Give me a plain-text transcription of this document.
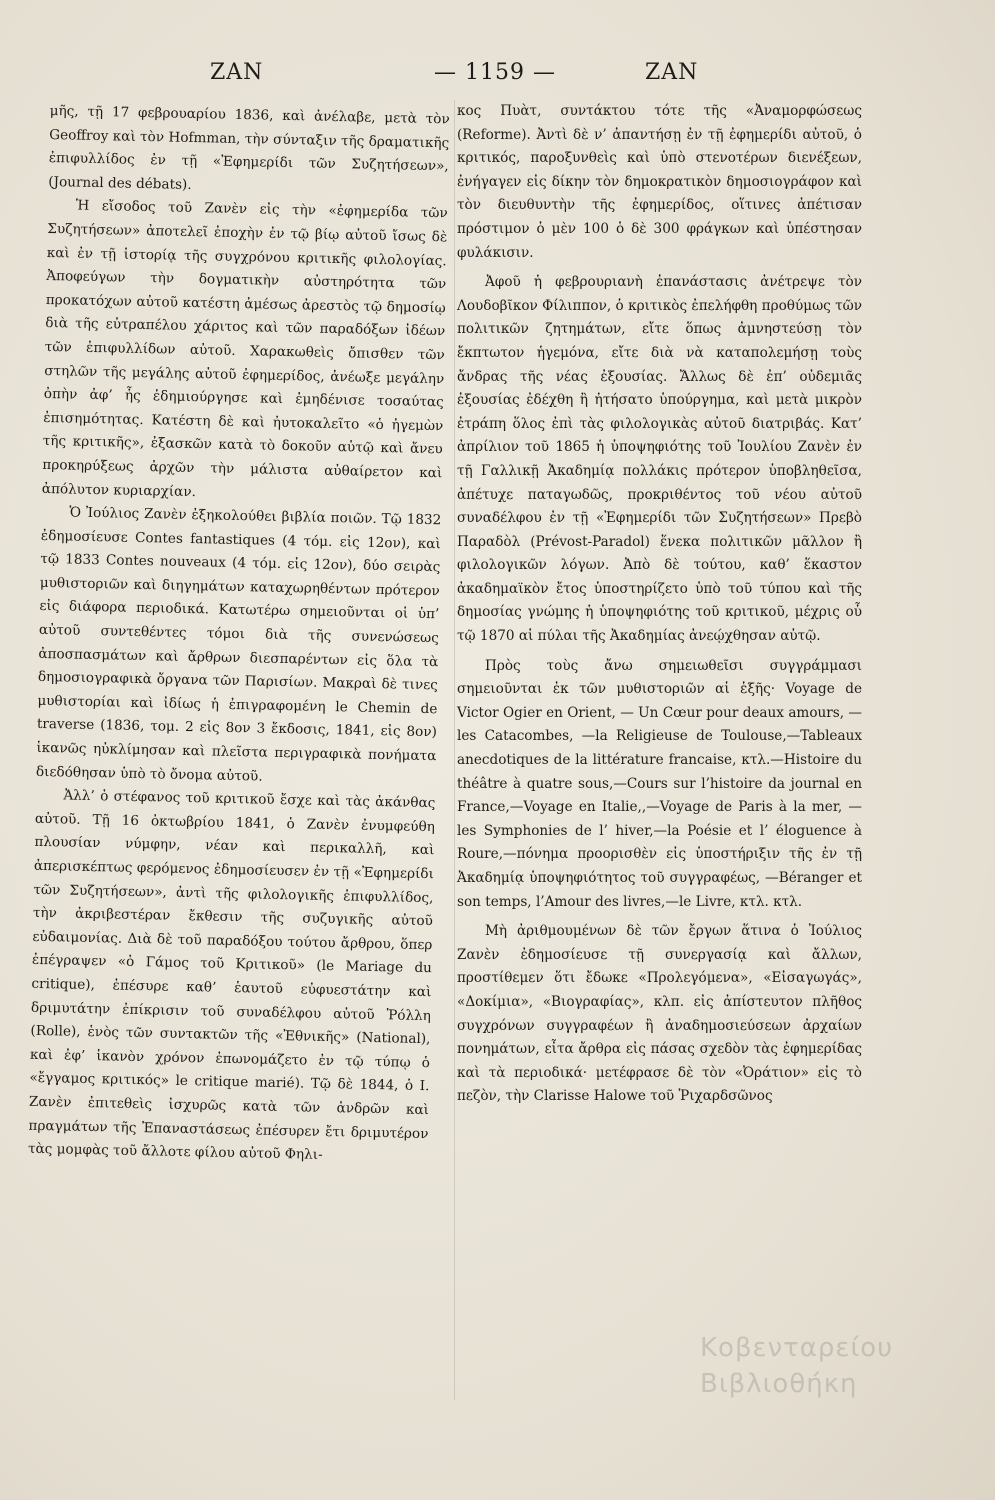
ZAN	— 1159 —	ZAN

μῆς, τῇ 17 φεβρουαρίου 1836, καὶ ἀνέλαβε, μετὰ τὸν Geoffroy καὶ τὸν Hofmman, τὴν σύνταξιν τῆς δραματικῆς ἐπιφυλλίδος ἐν τῇ «Ἐφημερίδι τῶν Συζητήσεων», (Journal des débats).

Ἡ εἴσοδος τοῦ Ζανὲν εἰς τὴν «ἐφημερίδα τῶν Συζητήσεων» ἀποτελεῖ ἐποχὴν ἐν τῷ βίῳ αὐτοῦ ἴσως δὲ καὶ ἐν τῇ ἱστορίᾳ τῆς συγχρόνου κριτικῆς φιλολογίας. Ἀποφεύγων τὴν δογματικὴν αὐστηρότητα τῶν προκατόχων αὐτοῦ κατέστη ἀμέσως ἀρεστὸς τῷ δημοσίῳ διὰ τῆς εὐτραπέλου χάριτος καὶ τῶν παραδόξων ἰδέων τῶν ἐπιφυλλίδων αὐτοῦ. Χαρακωθεὶς ὄπισθεν τῶν στηλῶν τῆς μεγάλης αὐτοῦ ἐφημερίδος, ἀνέωξε μεγάλην ὀπὴν ἀφ’ ἧς ἐδημιούργησε καὶ ἐμηδένισε τοσαύτας ἐπισημότητας. Κατέστη δὲ καὶ ἠυτοκαλεῖτο «ὁ ἡγεμὼν τῆς κριτικῆς», ἐξασκῶν κατὰ τὸ δοκοῦν αὐτῷ καὶ ἄνευ προκηρύξεως ἀρχῶν τὴν μάλιστα αὐθαίρετον καὶ ἀπόλυτον κυριαρχίαν.

Ὁ Ἰούλιος Ζανὲν ἐξηκολούθει βιβλία ποιῶν. Τῷ 1832 ἐδημοσίευσε Contes fantastiques (4 τόμ. εἰς 12ον), καὶ τῷ 1833 Contes nouveaux (4 τόμ. εἰς 12ον), δύο σειρὰς μυθιστοριῶν καὶ διηγημάτων καταχωρηθέντων πρότερον εἰς διάφορα περιοδικά. Κατωτέρω σημειοῦνται οἱ ὑπ’ αὐτοῦ συντεθέντες τόμοι διὰ τῆς συνενώσεως ἀποσπασμάτων καὶ ἄρθρων διεσπαρέντων εἰς ὅλα τὰ δημοσιογραφικὰ ὄργανα τῶν Παρισίων. Μακραὶ δὲ τινες μυθιστορίαι καὶ ἰδίως ἡ ἐπιγραφομένη le Chemin de traverse (1836, τομ. 2 εἰς 8ον 3 ἔκδοσις, 1841, εἰς 8ον) ἱκανῶς ηὐκλίμησαν καὶ πλεῖστα περιγραφικὰ πονήματα διεδόθησαν ὑπὸ τὸ ὄνομα αὐτοῦ.

Ἀλλ’ ὁ στέφανος τοῦ κριτικοῦ ἔσχε καὶ τὰς ἀκάνθας αὐτοῦ. Τῇ 16 ὀκτωβρίου 1841, ὁ Ζανὲν ἐνυμφεύθη πλουσίαν νύμφην, νέαν καὶ περικαλλῆ, καὶ ἀπερισκέπτως φερόμενος ἐδημοσίευσεν ἐν τῇ «Ἐφημερίδι τῶν Συζητήσεων», ἀντὶ τῆς φιλολογικῆς ἐπιφυλλίδος, τὴν ἀκριβεστέραν ἔκθεσιν τῆς συζυγικῆς αὐτοῦ εὐδαιμονίας. Διὰ δὲ τοῦ παραδόξου τούτου ἄρθρου, ὅπερ ἐπέγραψεν «ὁ Γάμος τοῦ Κριτικοῦ» (le Mariage du critique), ἐπέσυρε καθ’ ἑαυτοῦ εὐφυεστάτην καὶ δριμυτάτην ἐπίκρισιν τοῦ συναδέλφου αὐτοῦ Ῥόλλη (Rolle), ἑνὸς τῶν συντακτῶν τῆς «Ἐθνικῆς» (National), καὶ ἐφ’ ἱκανὸν χρόνον ἐπωνομάζετο ἐν τῷ τύπῳ ὁ «ἔγγαμος κριτικός» le critique marié). Τῷ δὲ 1844, ὁ Ι. Ζανὲν ἐπιτεθεὶς ἰσχυρῶς κατὰ τῶν ἀνδρῶν καὶ πραγμάτων τῆς Ἐπαναστάσεως ἐπέσυρεν ἔτι δριμυτέρον τὰς μομφὰς τοῦ ἄλλοτε φίλου αὐτοῦ Φηλι-

κος Πυὰτ, συντάκτου τότε τῆς «Ἀναμορφώσεως (Reforme). Ἀντὶ δὲ ν’ ἀπαντήσῃ ἐν τῇ ἐφημερίδι αὐτοῦ, ὁ κριτικός, παροξυνθεὶς καὶ ὑπὸ στενοτέρων διενέξεων, ἐνήγαγεν εἰς δίκην τὸν δημοκρατικὸν δημοσιογράφον καὶ τὸν διευθυντὴν τῆς ἐφημερίδος, οἵτινες ἀπέτισαν πρόστιμον ὁ μὲν 100 ὁ δὲ 300 φράγκων καὶ ὑπέστησαν φυλάκισιν.

Ἀφοῦ ἡ φεβρουριανὴ ἐπανάστασις ἀνέτρεψε τὸν Λουδοβῖκον Φίλιππον, ὁ κριτικὸς ἐπελήφθη προθύμως τῶν πολιτικῶν ζητημάτων, εἴτε ὅπως ἀμνηστεύσῃ τὸν ἔκπτωτον ἡγεμόνα, εἴτε διὰ νὰ καταπολεμήσῃ τοὺς ἄνδρας τῆς νέας ἐξουσίας. Ἄλλως δὲ ἐπ’ οὐδεμιᾶς ἐξουσίας ἐδέχθη ἢ ἠτήσατο ὑπούργημα, καὶ μετὰ μικρὸν ἐτράπη ὅλος ἐπὶ τὰς φιλολογικὰς αὐτοῦ διατριβάς. Κατ’ ἀπρίλιον τοῦ 1865 ἡ ὑποψηφιότης τοῦ Ἰουλίου Ζανὲν ἐν τῇ Γαλλικῇ Ἀκαδημίᾳ πολλάκις πρότερον ὑποβληθεῖσα, ἀπέτυχε παταγωδῶς, προκριθέντος τοῦ νέου αὐτοῦ συναδέλφου ἐν τῇ «Ἐφημερίδι τῶν Συζητήσεων» Πρεβὸ Παραδὸλ (Prévost-Paradol) ἕνεκα πολιτικῶν μᾶλλον ἢ φιλολογικῶν λόγων. Ἀπὸ δὲ τούτου, καθ’ ἕκαστον ἀκαδημαϊκὸν ἔτος ὑποστηρίζετο ὑπὸ τοῦ τύπου καὶ τῆς δημοσίας γνώμης ἡ ὑποψηφιότης τοῦ κριτικοῦ, μέχρις οὗ τῷ 1870 αἱ πύλαι τῆς Ἀκαδημίας ἀνεῴχθησαν αὐτῷ.

Πρὸς τοὺς ἄνω σημειωθεῖσι συγγράμμασι σημειοῦνται ἐκ τῶν μυθιστοριῶν αἱ ἑξῆς· Voyage de Victor Ogier en Orient, — Un Cœur pour deaux amours, — les Catacombes, —la Religieuse de Toulouse,—Tableaux anecdotiques de la littérature francaise, κτλ.—Histoire du théâtre à quatre sous,—Cours sur l’histoire da journal en France,—Voyage en Italie,,—Voyage de Paris à la mer, — les Symphonies de l’ hiver,—la Poésie et l’ éloguence à Roure,—πόνημα προορισθὲν εἰς ὑποστήριξιν τῆς ἐν τῇ Ἀκαδημίᾳ ὑποψηφιότητος τοῦ συγγραφέως, —Béranger et son temps, l’Amour des livres,—le Livre, κτλ. κτλ.

Μὴ ἀριθμουμένων δὲ τῶν ἔργων ἅτινα ὁ Ἰούλιος Ζανὲν ἐδημοσίευσε τῇ συνεργασίᾳ καὶ ἄλλων, προστίθεμεν ὅτι ἔδωκε «Προλεγόμενα», «Εἰσαγωγάς», «Δοκίμια», «Βιογραφίας», κλπ. εἰς ἀπίστευτον πλῆθος συγχρόνων συγγραφέων ἢ ἀναδημοσιεύσεων ἀρχαίων πονημάτων, εἶτα ἄρθρα εἰς πάσας σχεδὸν τὰς ἐφημερίδας καὶ τὰ περιοδικά· μετέφρασε δὲ τὸν «Ὀράτιον» εἰς τὸ πεζὸν, τὴν Clarisse Halowe τοῦ Ῥιχαρδσῶνος

Κοβενταρείου Βιβλιοθήκη
